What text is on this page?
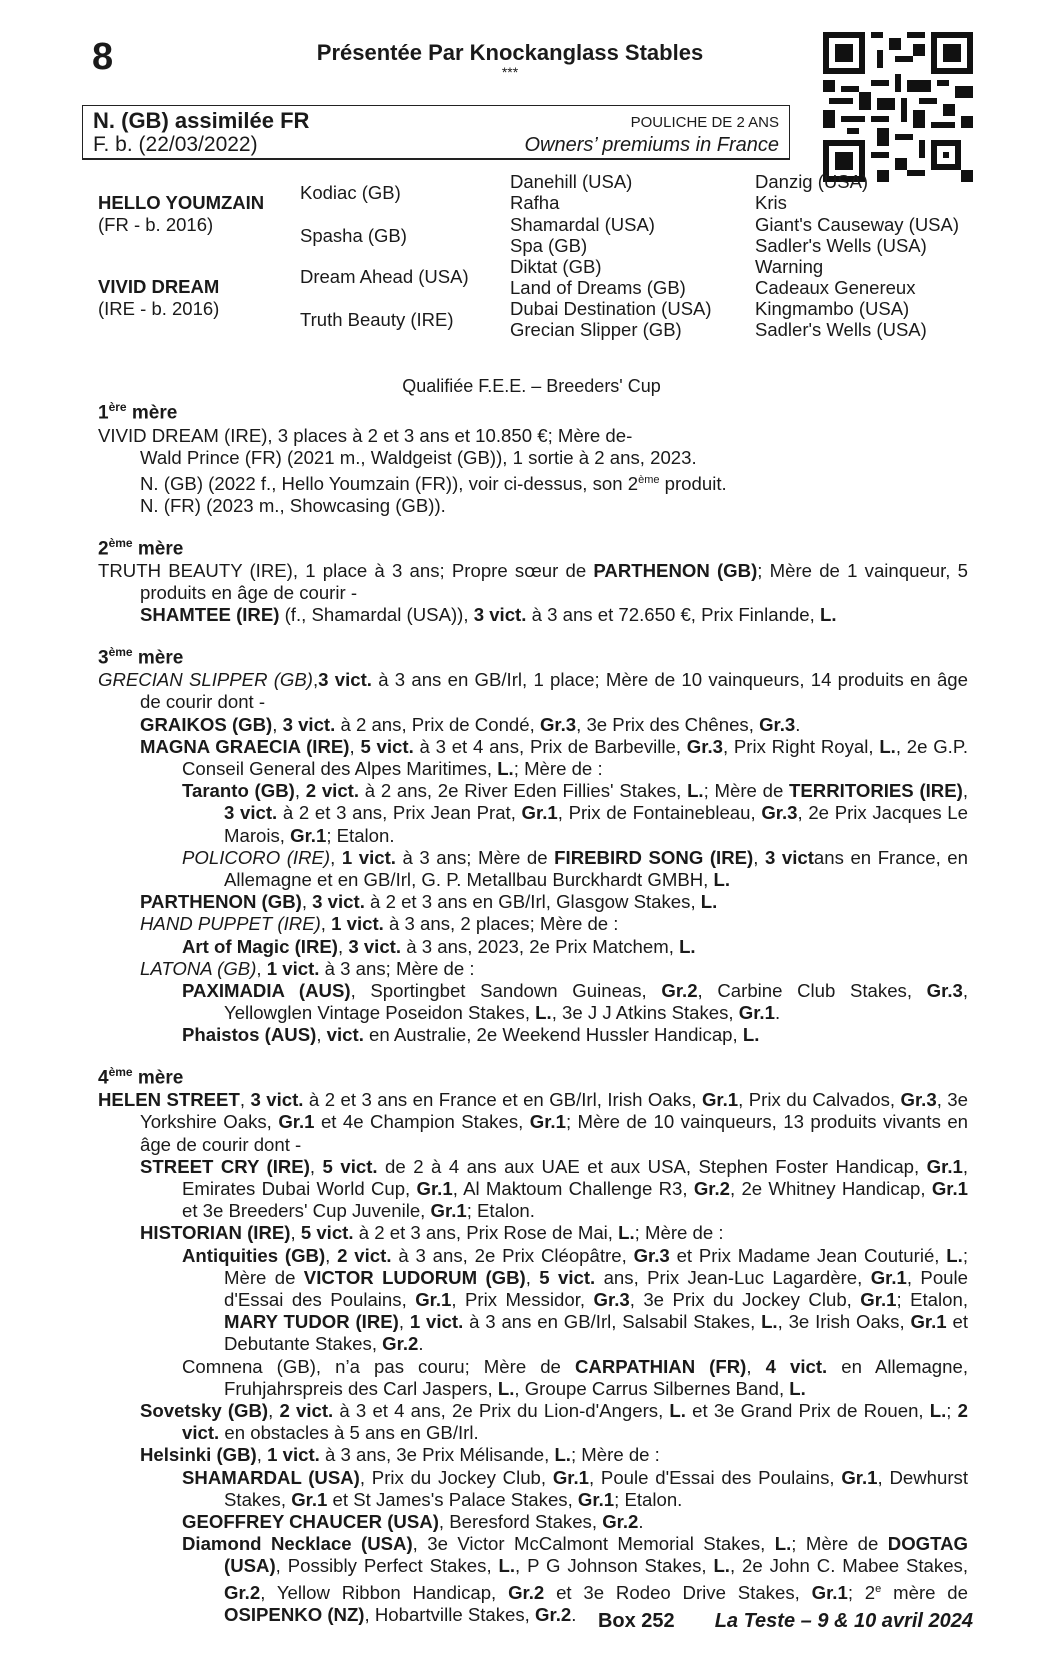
8	Présentée Par Knockanglass Stables
***
N. (GB) assimilée FR
F. b. (22/03/2022)
POULICHE DE 2 ANS
Owners’ premiums in France
HELLO YOUMZAIN
(FR - b. 2016)
VIVID DREAM
(IRE - b. 2016)
Kodiac (GB)
Spasha (GB)
Dream Ahead (USA)
Truth Beauty (IRE)
Danehill (USA)
Rafha
Shamardal (USA)
Spa (GB)
Diktat (GB)
Land of Dreams (GB)
Dubai Destination (USA)
Grecian Slipper (GB)
Danzig (USA)
Kris
Giant's Causeway (USA)
Sadler's Wells (USA)
Warning
Cadeaux Genereux
Kingmambo (USA)
Sadler's Wells (USA)
Qualifiée F.E.E. – Breeders' Cup

1ère mère

VIVID DREAM (IRE), 3 places à 2 et 3 ans et 10.850 €; Mère de-

Wald Prince (FR) (2021 m., Waldgeist (GB)), 1 sortie à 2 ans, 2023.

N. (GB) (2022 f., Hello Youmzain (FR)), voir ci-dessus, son 2ème produit.

N. (FR) (2023 m., Showcasing (GB)).

2ème mère

TRUTH BEAUTY (IRE), 1 place à 3 ans; Propre sœur de PARTHENON (GB); Mère de 1 vainqueur, 5 produits en âge de courir -

SHAMTEE (IRE) (f., Shamardal (USA)), 3 vict. à 3 ans et 72.650 €, Prix Finlande, L.

3ème mère

GRECIAN SLIPPER (GB),3 vict. à 3 ans en GB/Irl, 1 place; Mère de 10 vainqueurs, 14 produits en âge de courir dont -

GRAIKOS (GB), 3 vict. à 2 ans, Prix de Condé, Gr.3, 3e Prix des Chênes, Gr.3.

MAGNA GRAECIA (IRE), 5 vict. à 3 et 4 ans, Prix de Barbeville, Gr.3, Prix Right Royal, L., 2e G.P. Conseil General des Alpes Maritimes, L.; Mère de :

Taranto (GB), 2 vict. à 2 ans, 2e River Eden Fillies' Stakes, L.; Mère de TERRITORIES (IRE), 3 vict. à 2 et 3 ans, Prix Jean Prat, Gr.1, Prix de Fontainebleau, Gr.3, 2e Prix Jacques Le Marois, Gr.1; Etalon.

POLICORO (IRE), 1 vict. à 3 ans; Mère de FIREBIRD SONG (IRE), 3 victans en France, en Allemagne et en GB/Irl, G. P. Metallbau Burckhardt GMBH, L.

PARTHENON (GB), 3 vict. à 2 et 3 ans en GB/Irl, Glasgow Stakes, L.

HAND PUPPET (IRE), 1 vict. à 3 ans, 2 places; Mère de :

Art of Magic (IRE), 3 vict. à 3 ans, 2023, 2e Prix Matchem, L.

LATONA (GB), 1 vict. à 3 ans; Mère de :

PAXIMADIA (AUS), Sportingbet Sandown Guineas, Gr.2, Carbine Club Stakes, Gr.3, Yellowglen Vintage Poseidon Stakes, L., 3e J J Atkins Stakes, Gr.1.

Phaistos (AUS), vict. en Australie, 2e Weekend Hussler Handicap, L.

4ème mère

HELEN STREET, 3 vict. à 2 et 3 ans en France et en GB/Irl, Irish Oaks, Gr.1, Prix du Calvados, Gr.3, 3e Yorkshire Oaks, Gr.1 et 4e Champion Stakes, Gr.1; Mère de 10 vainqueurs, 13 produits vivants en âge de courir dont -

STREET CRY (IRE), 5 vict. de 2 à 4 ans aux UAE et aux USA, Stephen Foster Handicap, Gr.1, Emirates Dubai World Cup, Gr.1, Al Maktoum Challenge R3, Gr.2, 2e Whitney Handicap, Gr.1 et 3e Breeders' Cup Juvenile, Gr.1; Etalon.

HISTORIAN (IRE), 5 vict. à 2 et 3 ans, Prix Rose de Mai, L.; Mère de :

Antiquities (GB), 2 vict. à 3 ans, 2e Prix Cléopâtre, Gr.3 et Prix Madame Jean Couturié, L.; Mère de VICTOR LUDORUM (GB), 5 vict. ans, Prix Jean-Luc Lagardère, Gr.1, Poule d'Essai des Poulains, Gr.1, Prix Messidor, Gr.3, 3e Prix du Jockey Club, Gr.1; Etalon, MARY TUDOR (IRE), 1 vict. à 3 ans en GB/Irl, Salsabil Stakes, L., 3e Irish Oaks, Gr.1 et Debutante Stakes, Gr.2.

Comnena (GB), n’a pas couru; Mère de CARPATHIAN (FR), 4 vict. en Allemagne, Fruhjahrspreis des Carl Jaspers, L., Groupe Carrus Silbernes Band, L.

Sovetsky (GB), 2 vict. à 3 et 4 ans, 2e Prix du Lion-d'Angers, L. et 3e Grand Prix de Rouen, L.; 2 vict. en obstacles à 5 ans en GB/Irl.

Helsinki (GB), 1 vict. à 3 ans, 3e Prix Mélisande, L.; Mère de :

SHAMARDAL (USA), Prix du Jockey Club, Gr.1, Poule d'Essai des Poulains, Gr.1, Dewhurst Stakes, Gr.1 et St James's Palace Stakes, Gr.1; Etalon.

GEOFFREY CHAUCER (USA), Beresford Stakes, Gr.2.

Diamond Necklace (USA), 3e Victor McCalmont Memorial Stakes, L.; Mère de DOGTAG (USA), Possibly Perfect Stakes, L., P G Johnson Stakes, L., 2e John C. Mabee Stakes, Gr.2, Yellow Ribbon Handicap, Gr.2 et 3e Rodeo Drive Stakes, Gr.1; 2e mère de OSIPENKO (NZ), Hobartville Stakes, Gr.2.	Box 252 La Teste – 9 & 10 avril 2024
